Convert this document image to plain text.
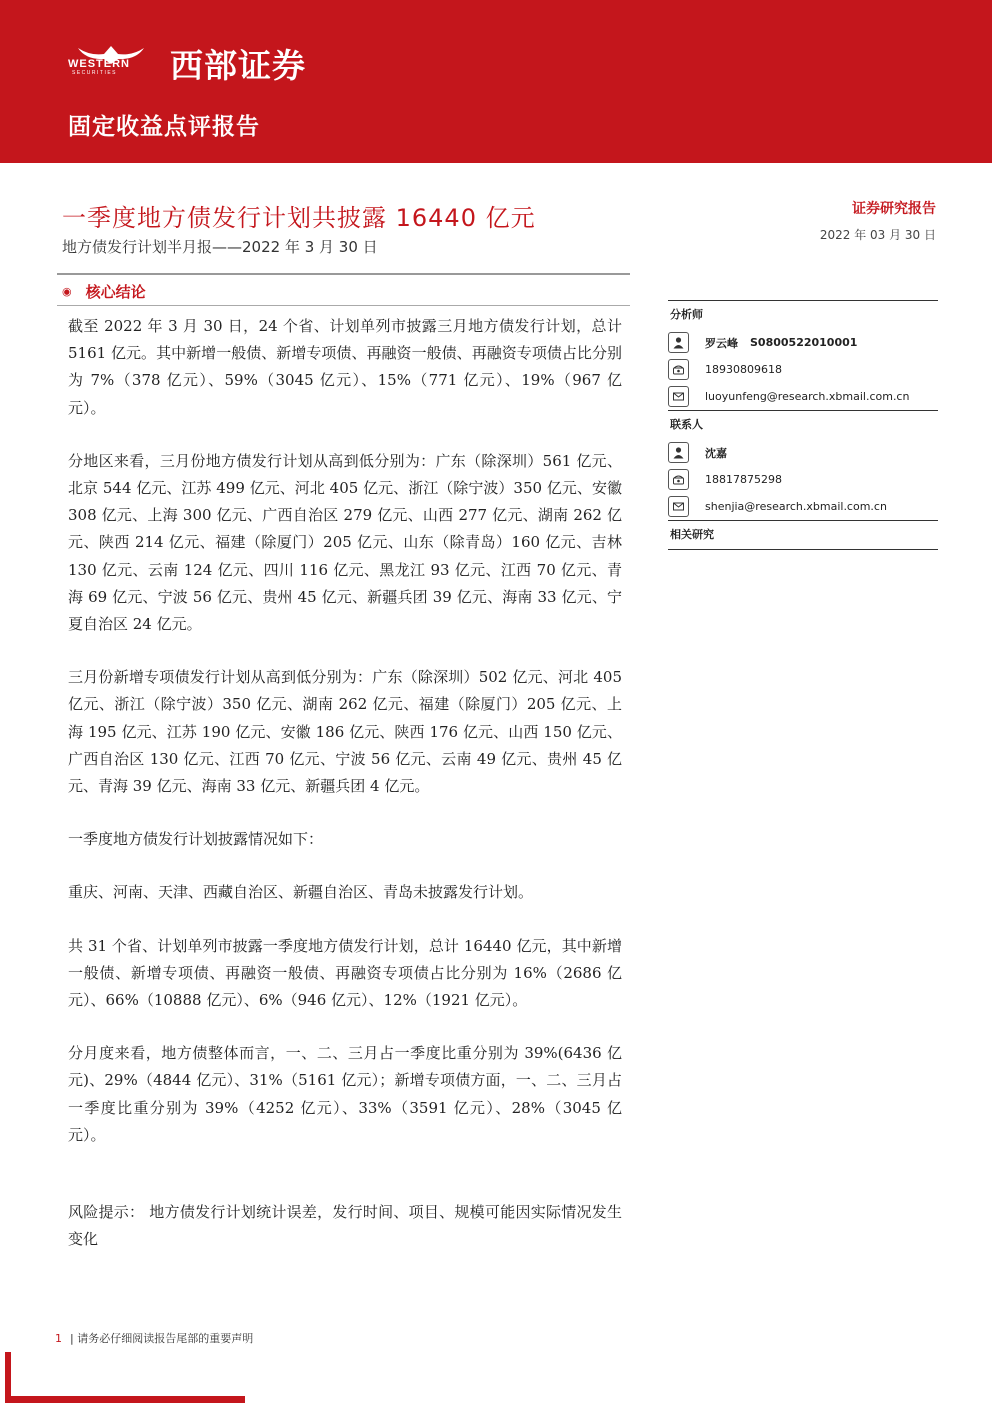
WESTERN
SECURITIES 西部证券
固定收益点评报告
一季度地方债发行计划共披露 16440 亿元
地方债发行计划半月报——2022 年 3 月 30 日
证券研究报告
2022 年 03 月 30 日
◉ 核心结论

截至 2022 年 3 月 30 日，24 个省、计划单列市披露三月地方债发行计划，总计 5161 亿元。其中新增一般债、新增专项债、再融资一般债、再融资专项债占比分别为 7%（378 亿元）、59%（3045 亿元）、15%（771 亿元）、19%（967 亿元）。

分地区来看，三月份地方债发行计划从高到低分别为：广东（除深圳）561 亿元、北京 544 亿元、江苏 499 亿元、河北 405 亿元、浙江（除宁波）350 亿元、安徽 308 亿元、上海 300 亿元、广西自治区 279 亿元、山西 277 亿元、湖南 262 亿元、陕西 214 亿元、福建（除厦门）205 亿元、山东（除青岛）160 亿元、吉林 130 亿元、云南 124 亿元、四川 116 亿元、黑龙江 93 亿元、江西 70 亿元、青海 69 亿元、宁波 56 亿元、贵州 45 亿元、新疆兵团 39 亿元、海南 33 亿元、宁夏自治区 24 亿元。

三月份新增专项债发行计划从高到低分别为：广东（除深圳）502 亿元、河北 405 亿元、浙江（除宁波）350 亿元、湖南 262 亿元、福建（除厦门）205 亿元、上海 195 亿元、江苏 190 亿元、安徽 186 亿元、陕西 176 亿元、山西 150 亿元、广西自治区 130 亿元、江西 70 亿元、宁波 56 亿元、云南 49 亿元、贵州 45 亿元、青海 39 亿元、海南 33 亿元、新疆兵团 4 亿元。

一季度地方债发行计划披露情况如下：

重庆、河南、天津、西藏自治区、新疆自治区、青岛未披露发行计划。

共 31 个省、计划单列市披露一季度地方债发行计划，总计 16440 亿元，其中新增一般债、新增专项债、再融资一般债、再融资专项债占比分别为 16%（2686 亿元）、66%（10888 亿元）、6%（946 亿元）、12%（1921 亿元）。

分月度来看，地方债整体而言，一、二、三月占一季度比重分别为 39%(6436 亿元)、29%（4844 亿元）、31%（5161 亿元）；新增专项债方面，一、二、三月占一季度比重分别为 39%（4252 亿元）、33%（3591 亿元）、28%（3045 亿元）。

风险提示： 地方债发行计划统计误差，发行时间、项目、规模可能因实际情况发生变化

分析师
罗云峰 S0800522010001
18930809618
luoyunfeng@research.xbmail.com.cn
联系人
沈嘉
18817875298
shenjia@research.xbmail.com.cn
相关研究
1 | 请务必仔细阅读报告尾部的重要声明
